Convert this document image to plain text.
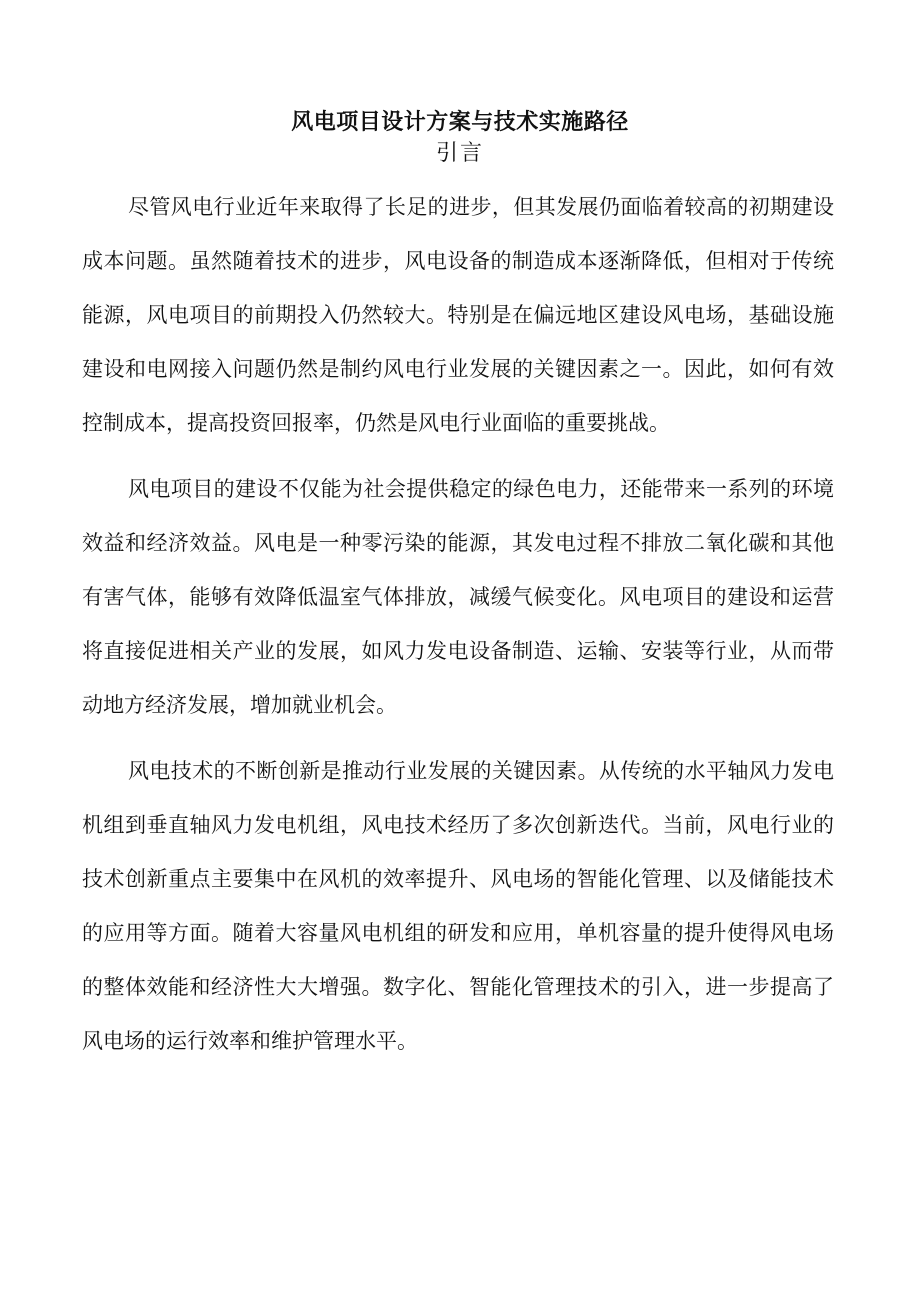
风电项目设计方案与技术实施路径
引言

尽管风电行业近年来取得了长足的进步，但其发展仍面临着较高的初期建设成本问题。虽然随着技术的进步，风电设备的制造成本逐渐降低，但相对于传统能源，风电项目的前期投入仍然较大。特别是在偏远地区建设风电场，基础设施建设和电网接入问题仍然是制约风电行业发展的关键因素之一。因此，如何有效控制成本，提高投资回报率，仍然是风电行业面临的重要挑战。

风电项目的建设不仅能为社会提供稳定的绿色电力，还能带来一系列的环境效益和经济效益。风电是一种零污染的能源，其发电过程不排放二氧化碳和其他有害气体，能够有效降低温室气体排放，减缓气候变化。风电项目的建设和运营将直接促进相关产业的发展，如风力发电设备制造、运输、安装等行业，从而带动地方经济发展，增加就业机会。

风电技术的不断创新是推动行业发展的关键因素。从传统的水平轴风力发电机组到垂直轴风力发电机组，风电技术经历了多次创新迭代。当前，风电行业的技术创新重点主要集中在风机的效率提升、风电场的智能化管理、以及储能技术的应用等方面。随着大容量风电机组的研发和应用，单机容量的提升使得风电场的整体效能和经济性大大增强。数字化、智能化管理技术的引入，进一步提高了风电场的运行效率和维护管理水平。
